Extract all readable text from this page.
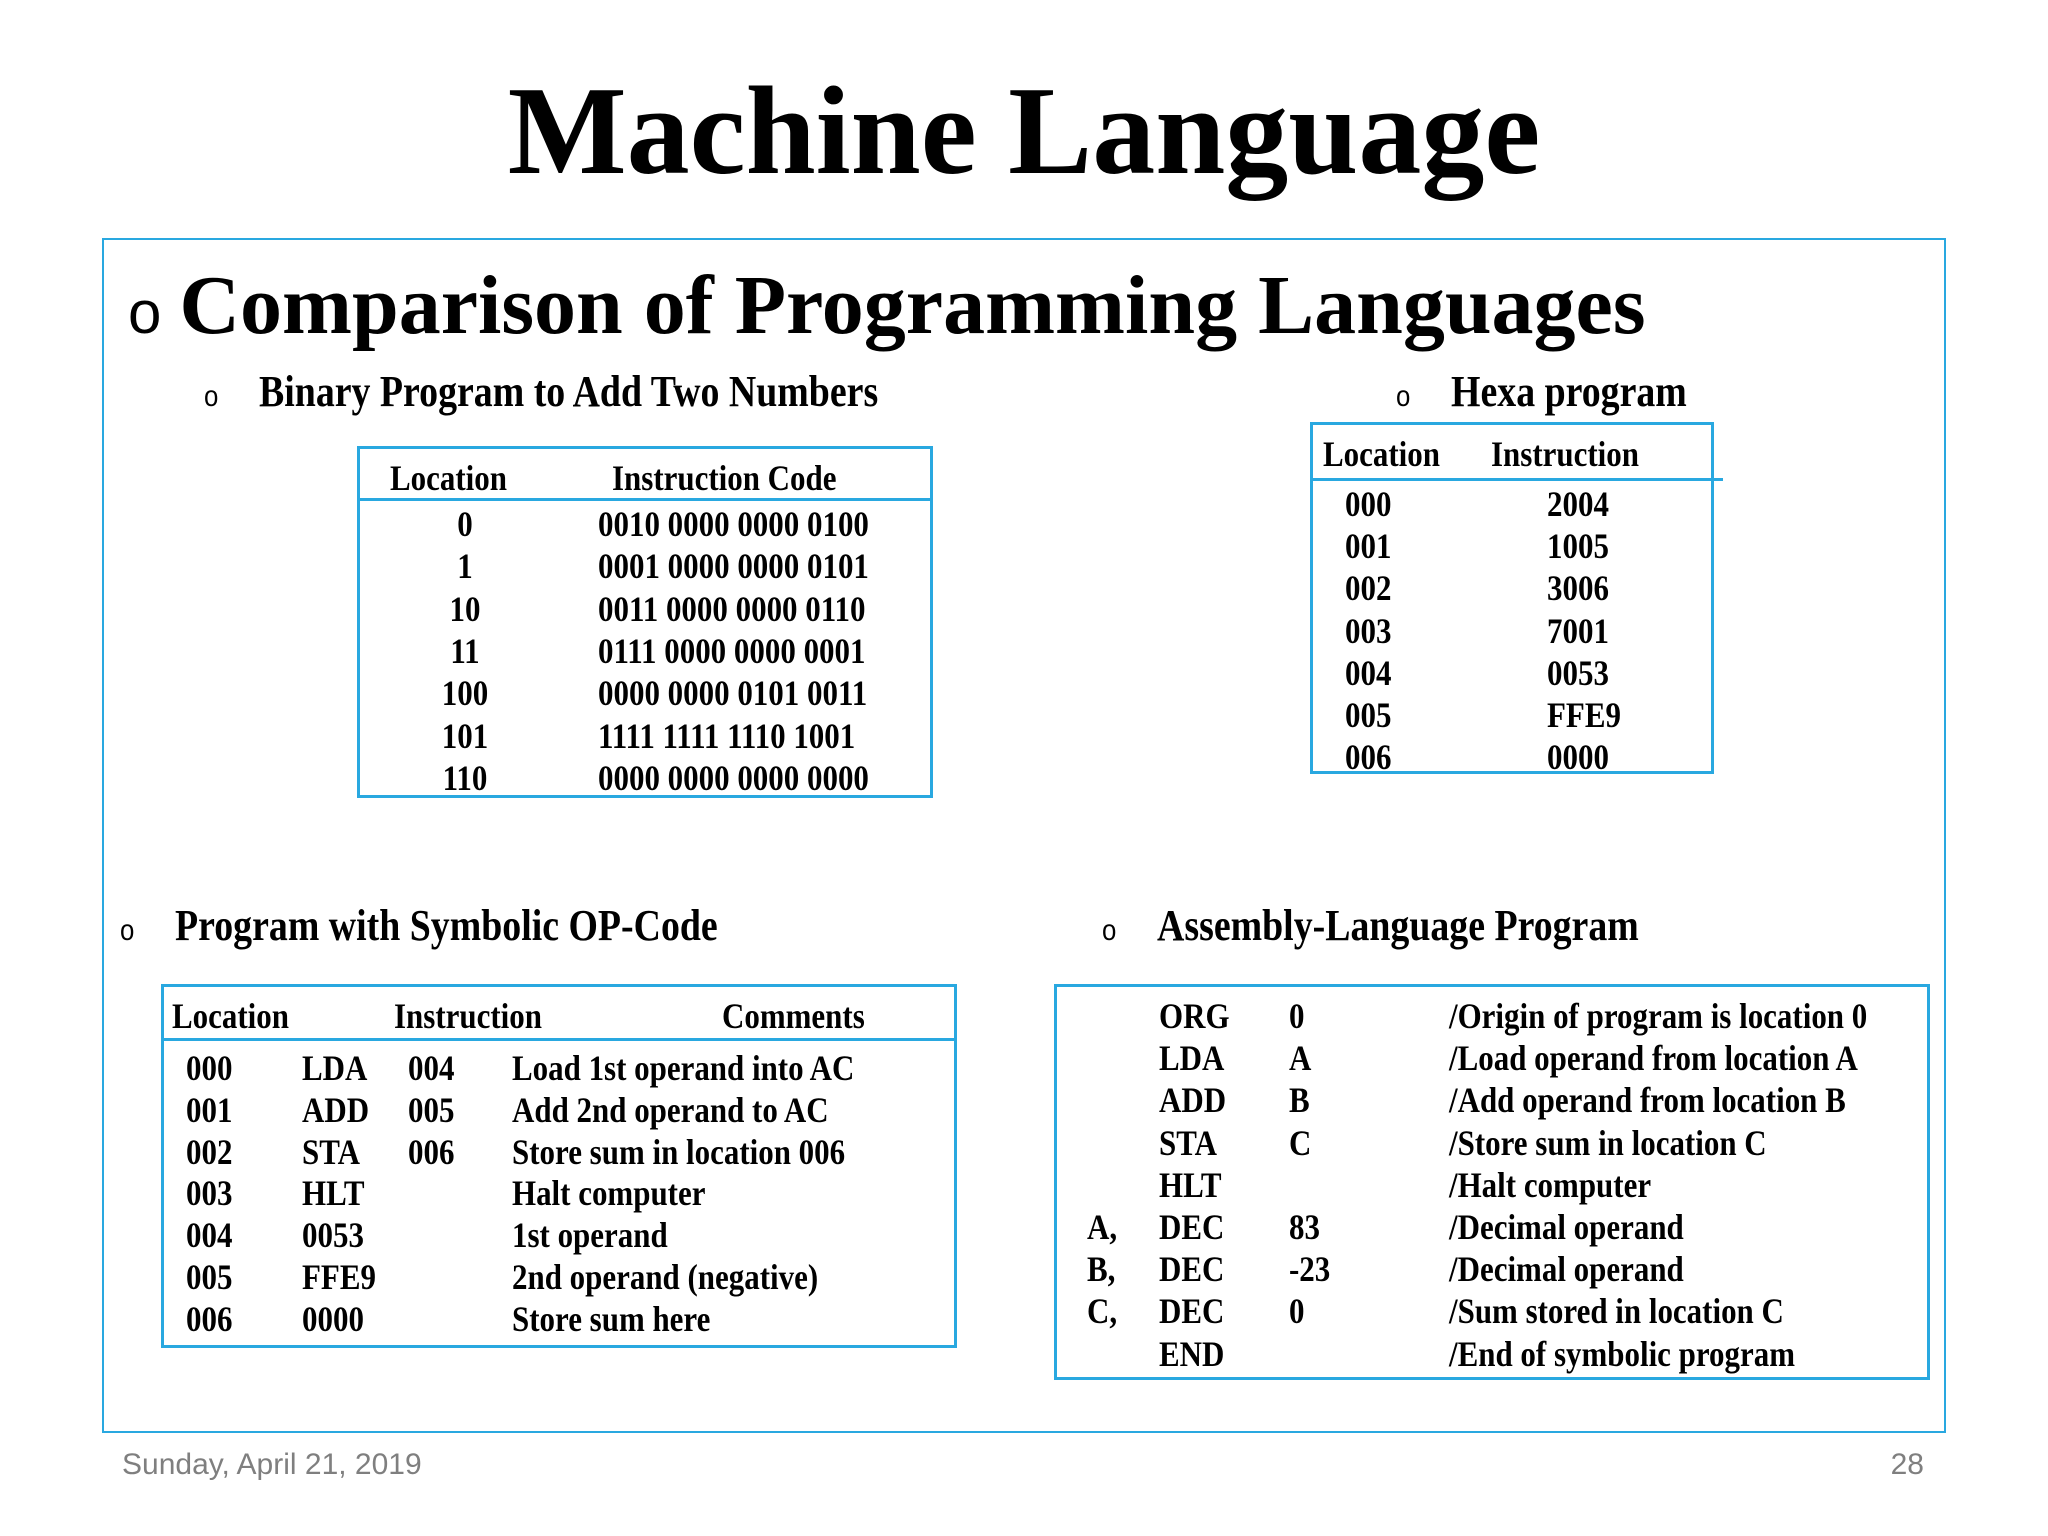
Machine Language
o Comparison of Programming Languages
o Binary Program to Add Two Numbers
Location	Instruction Code
0	0010 0000 0000 0100
1	0001 0000 0000 0101
10	0011 0000 0000 0110
11	0111 0000 0000 0001
100	0000 0000 0101 0011
101	1111 1111 1110 1001
110	0000 0000 0000 0000
o Hexa program
Location Instruction
000	2004
001	1005
002	3006
003	7001
004	0053
005	FFE9
006	0000
o Program with Symbolic OP-Code
Location	Instruction	Comments
000 LDA 004 Load 1st operand into AC
001 ADD 005 Add 2nd operand to AC
002 STA 006 Store sum in location 006
003 HLT	Halt computer
004 0053	1st operand
005 FFE9	2nd operand (negative)
006 0000	Store sum here
o Assembly-Language Program
ORG 0	/Origin of program is location 0
LDA A	/Load operand from location A
ADD B	/Add operand from location B
STA C	/Store sum in location C
HLT	/Halt computer
A, DEC 83	/Decimal operand
B, DEC -23	/Decimal operand
C, DEC 0	/Sum stored in location C
END	/End of symbolic program
Sunday, April 21, 2019	28
